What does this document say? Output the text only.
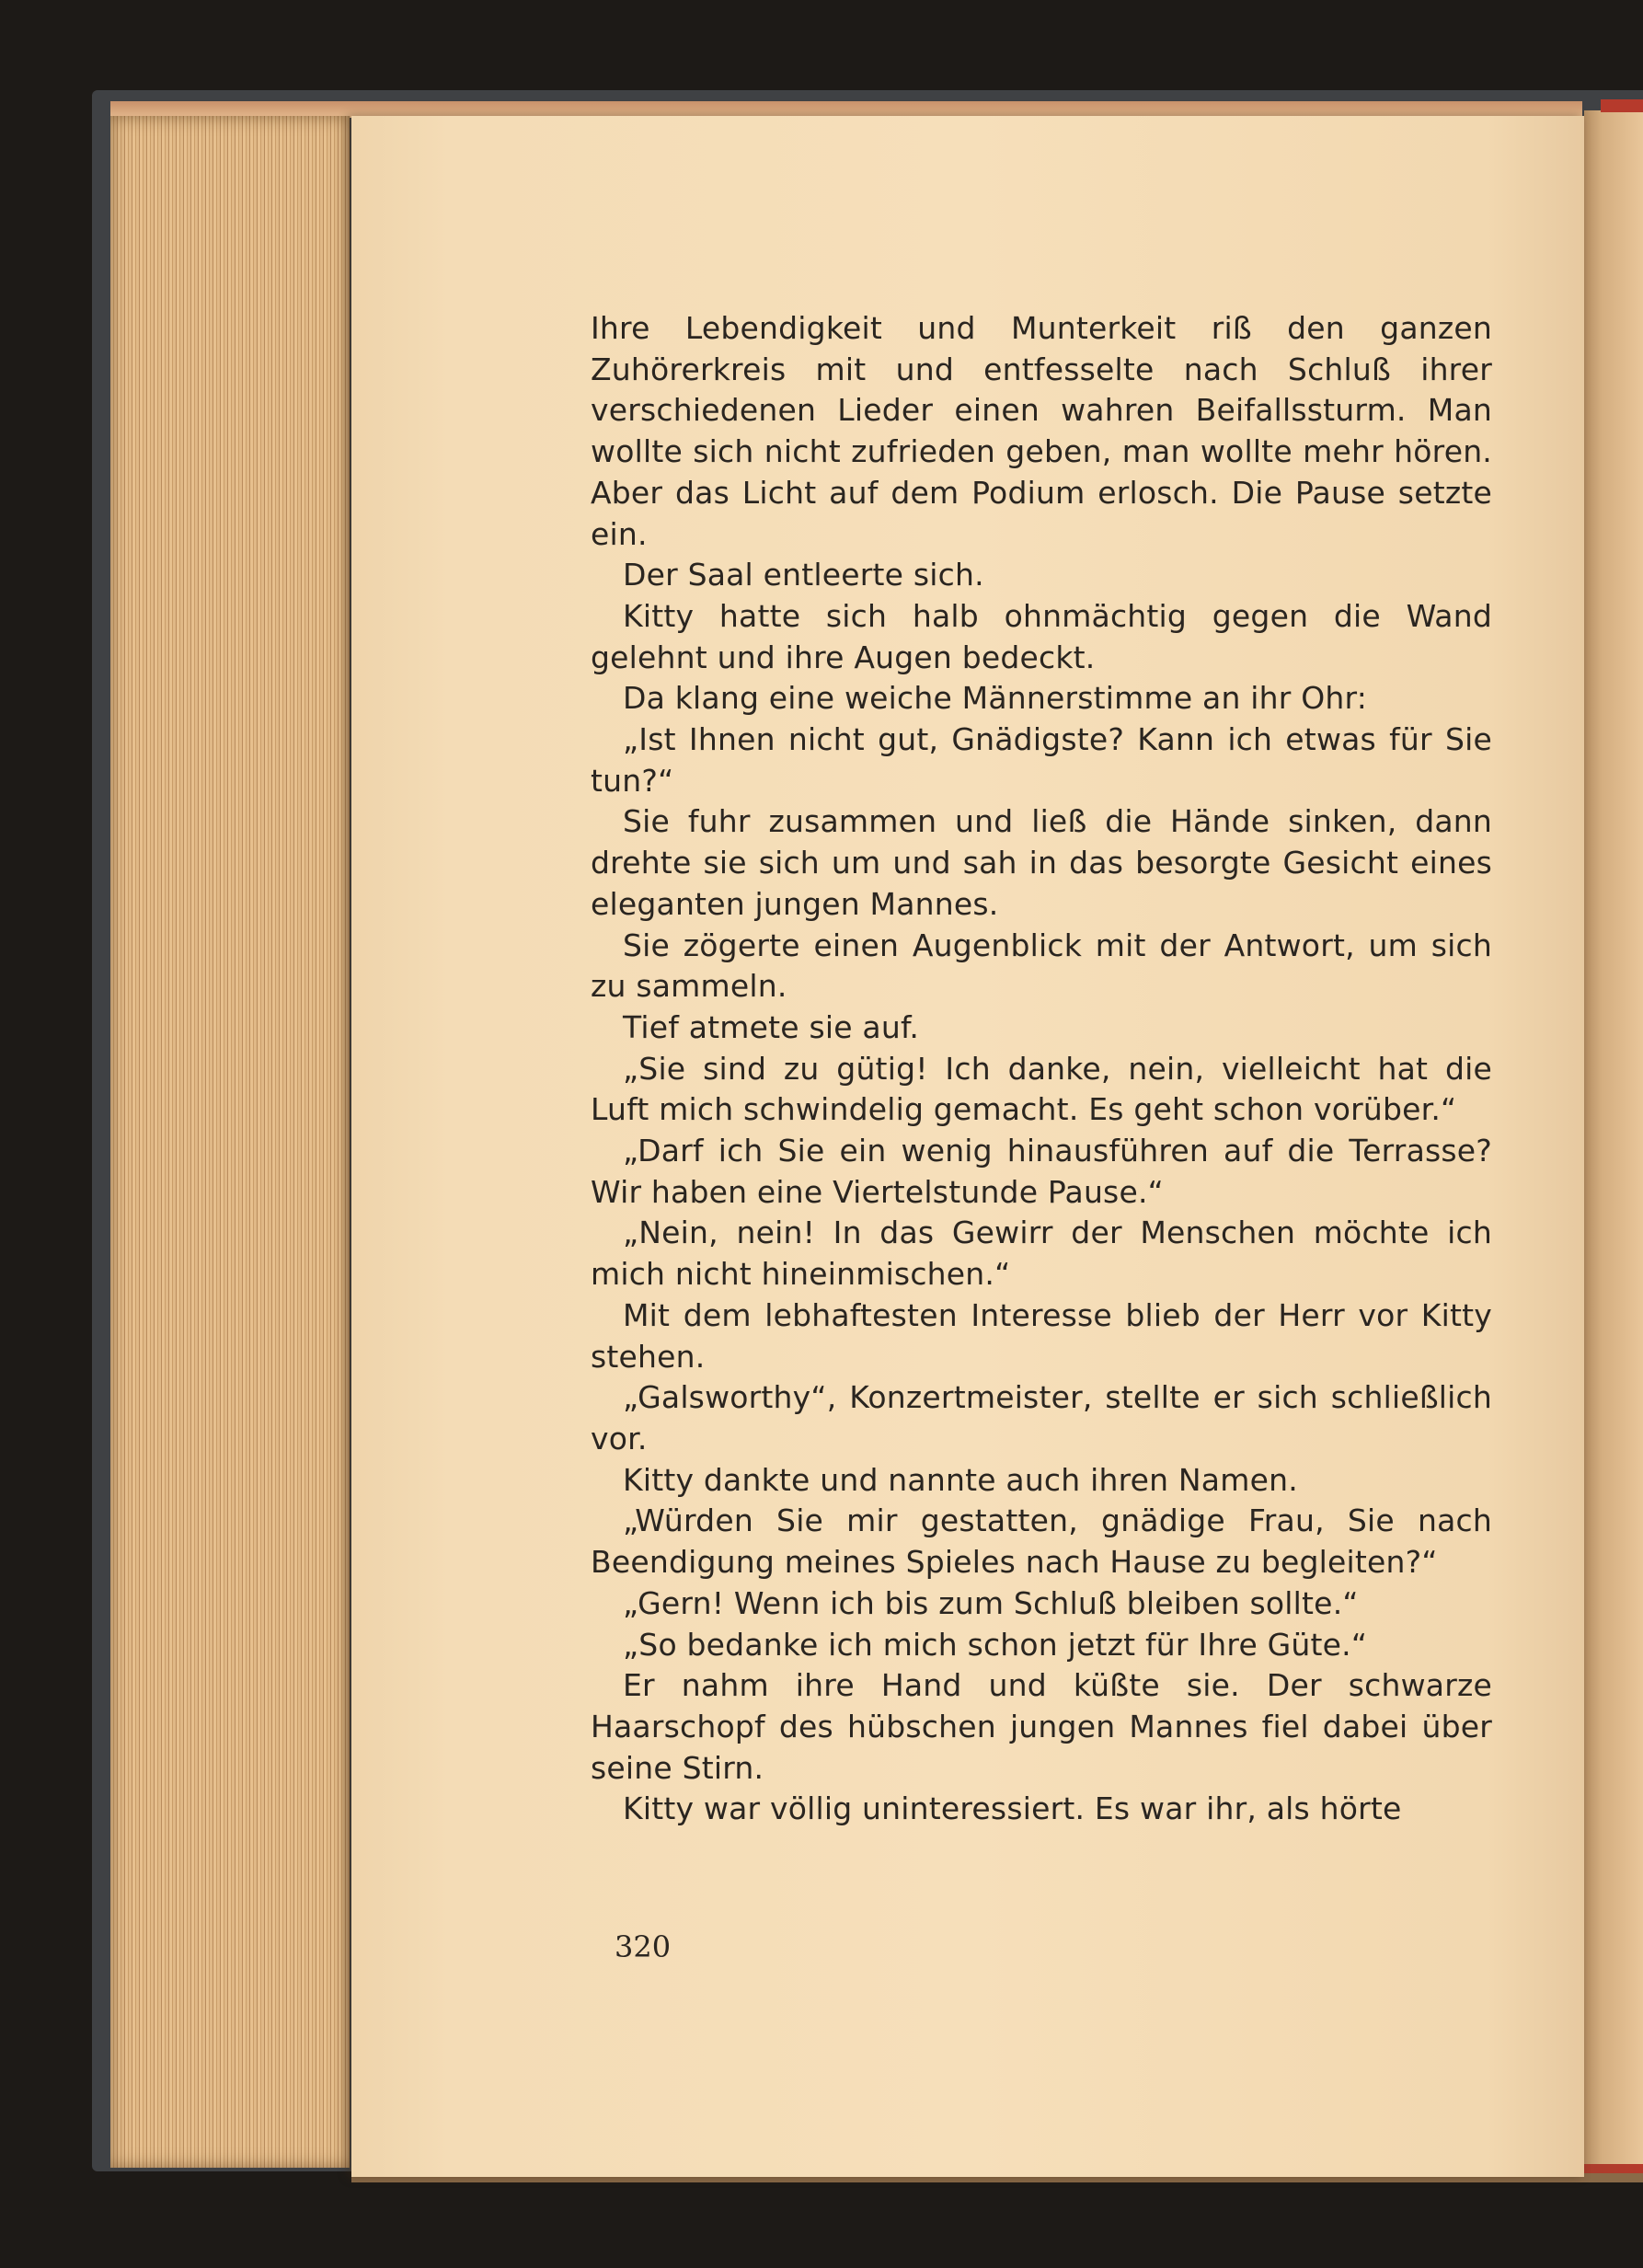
Ihre Lebendigkeit und Munterkeit riß den ganzen Zuhörerkreis mit und entfesselte nach Schluß ihrer verschiedenen Lieder einen wahren Beifallssturm. Man wollte sich nicht zufrieden geben, man wollte mehr hören. Aber das Licht auf dem Podium erlosch. Die Pause setzte ein.

Der Saal entleerte sich.

Kitty hatte sich halb ohnmächtig gegen die Wand gelehnt und ihre Augen bedeckt.

Da klang eine weiche Männerstimme an ihr Ohr:

„Ist Ihnen nicht gut, Gnädigste? Kann ich etwas für Sie tun?“

Sie fuhr zusammen und ließ die Hände sinken, dann drehte sie sich um und sah in das besorgte Gesicht eines eleganten jungen Mannes.

Sie zögerte einen Augenblick mit der Antwort, um sich zu sammeln.

Tief atmete sie auf.

„Sie sind zu gütig! Ich danke, nein, vielleicht hat die Luft mich schwindelig gemacht. Es geht schon vorüber.“

„Darf ich Sie ein wenig hinausführen auf die Terrasse? Wir haben eine Viertelstunde Pause.“

„Nein, nein! In das Gewirr der Menschen möchte ich mich nicht hineinmischen.“

Mit dem lebhaftesten Interesse blieb der Herr vor Kitty stehen.

„Galsworthy“, Konzertmeister, stellte er sich schließlich vor.

Kitty dankte und nannte auch ihren Namen.

„Würden Sie mir gestatten, gnädige Frau, Sie nach Beendigung meines Spieles nach Hause zu begleiten?“

„Gern! Wenn ich bis zum Schluß bleiben sollte.“

„So bedanke ich mich schon jetzt für Ihre Güte.“

Er nahm ihre Hand und küßte sie. Der schwarze Haarschopf des hübschen jungen Mannes fiel dabei über seine Stirn.

Kitty war völlig uninteressiert. Es war ihr, als hörte

320
